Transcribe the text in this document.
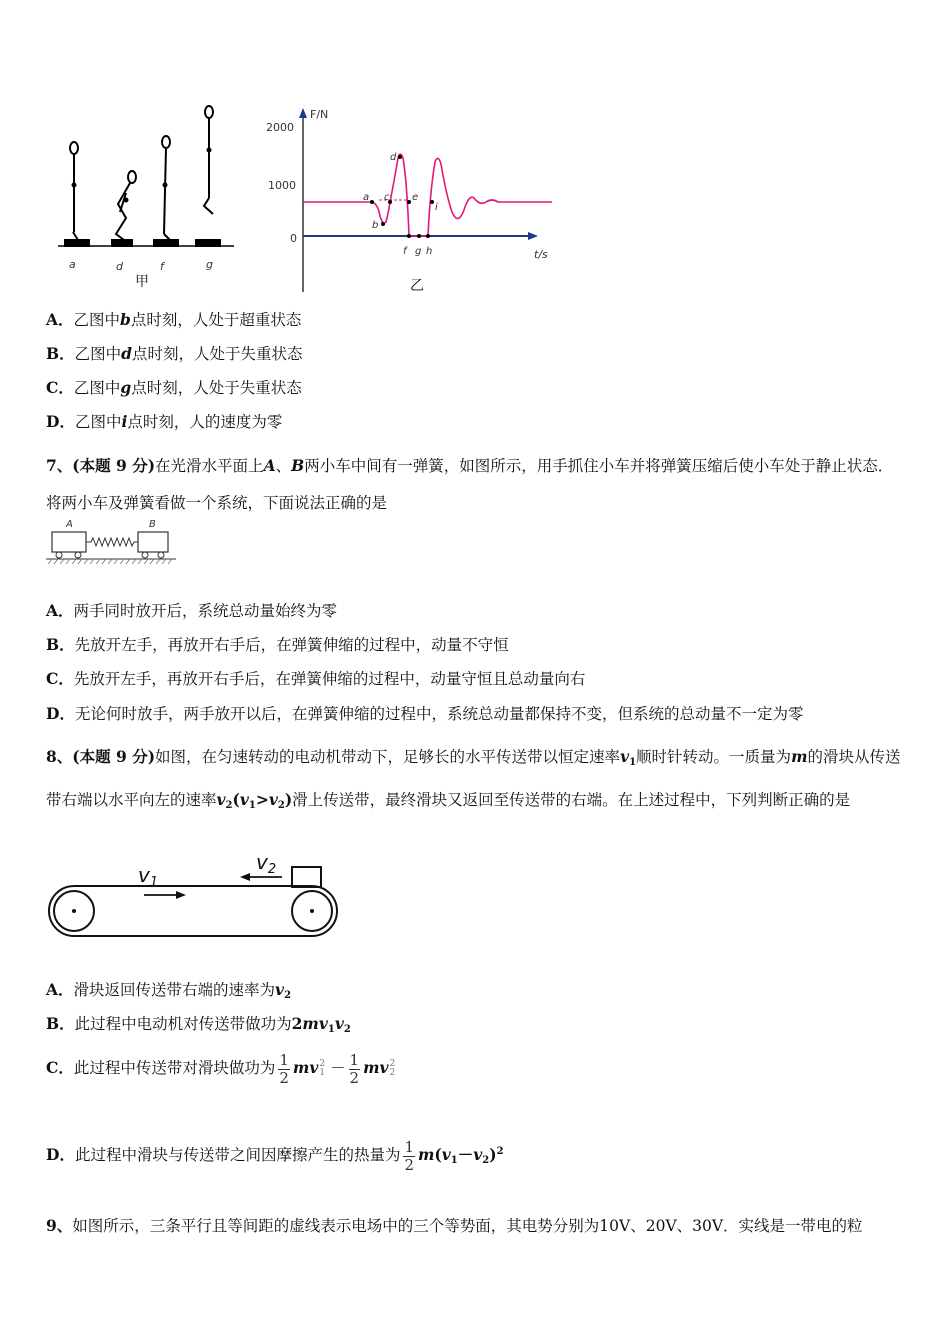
a	d	f	g
甲
F/N
t/s
2000
1000
0
a
b
c
d
e
f g h
i
乙
A．乙图中b点时刻，人处于超重状态
B．乙图中d点时刻，人处于失重状态
C．乙图中g点时刻，人处于失重状态
D．乙图中i点时刻，人的速度为零
7、(本题 9 分)在光滑水平面上A、B两小车中间有一弹簧，如图所示，用手抓住小车并将弹簧压缩后使小车处于静止状态．将两小车及弹簧看做一个系统，下面说法正确的是
A	B
A．两手同时放开后，系统总动量始终为零
B．先放开左手，再放开右手后，在弹簧伸缩的过程中，动量不守恒
C．先放开左手，再放开右手后，在弹簧伸缩的过程中，动量守恒且总动量向右
D．无论何时放手，两手放开以后，在弹簧伸缩的过程中，系统总动量都保持不变，但系统的总动量不一定为零
8、(本题 9 分)如图，在匀速转动的电动机带动下，足够长的水平传送带以恒定速率$v_1$顺时针转动。一质量为m的滑块从传送带右端以水平向左的速率$v_2(v_1>v_2)$滑上传送带，最终滑块又返回至传送带的右端。在上述过程中，下列判断正确的是
$v_1$
$v_2$
A．滑块返回传送带右端的速率为$v_2$
B．此过程中电动机对传送带做功为$2mv_1v_2$
C．此过程中传送带对滑块做功为 $\frac{1}{2}$ mv 2
$1 - \frac{1}{2}$ mv 2
2
D．此过程中滑块与传送带之间因摩擦产生的热量为 $\frac{1}{2} m(v_1-v_2)^2$
9、如图所示，三条平行且等间距的虚线表示电场中的三个等势面，其电势分别为10V、20V、30V．实线是一带电的粒
